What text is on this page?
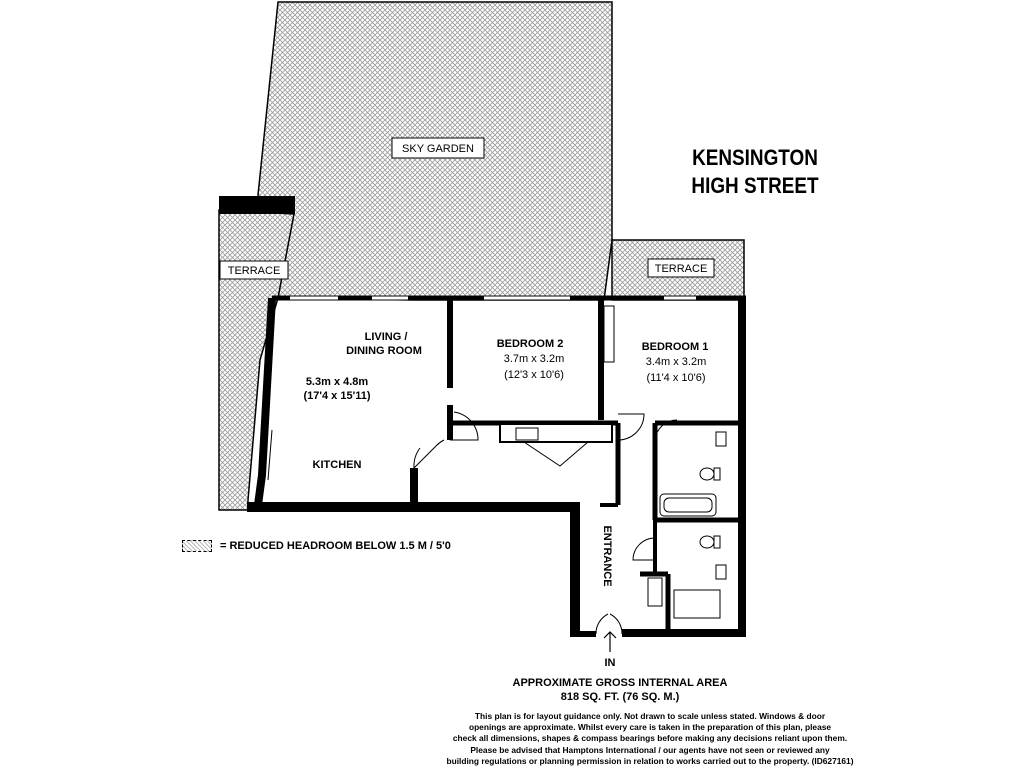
SKY GARDEN
TERRACE	TERRACE
LIVING /
DINING ROOM
5.3m x 4.8m
(17'4 x 15'11)
KITCHEN
BEDROOM 2
3.7m x 3.2m
(12'3 x 10'6)
BEDROOM 1
3.4m x 3.2m
(11'4 x 10'6)
ENTRANCE
IN
KENSINGTON
HIGH STREET
= REDUCED HEADROOM BELOW 1.5 M / 5'0
APPROXIMATE GROSS INTERNAL AREA
818 SQ. FT. (76 SQ. M.)
This plan is for layout guidance only. Not drawn to scale unless stated. Windows & door
openings are approximate. Whilst every care is taken in the preparation of this plan, please
check all dimensions, shapes & compass bearings before making any decisions reliant upon them.
Please be advised that Hamptons International / our agents have not seen or reviewed any
building regulations or planning permission in relation to works carried out to the property. (ID627161)
